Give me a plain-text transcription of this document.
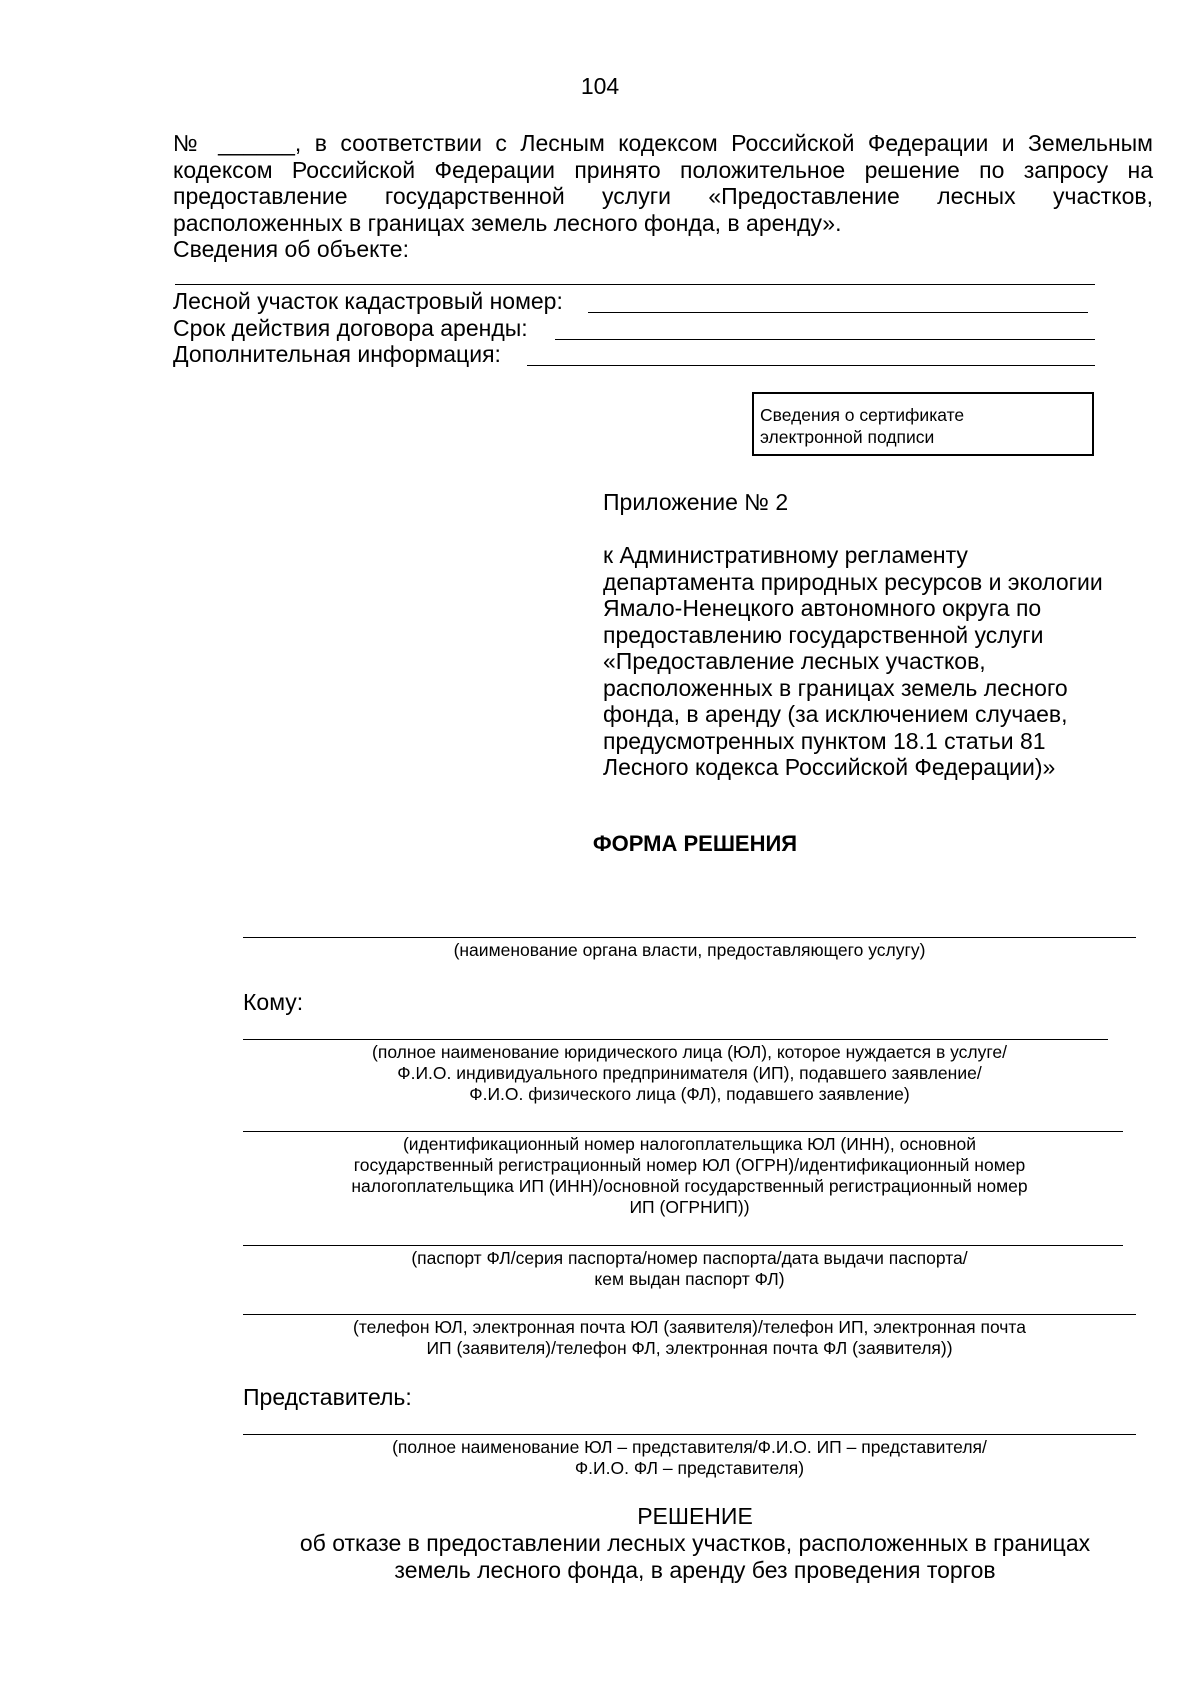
104
№ ______, в соответствии с Лесным кодексом Российской Федерации и Земельным
кодексом Российской Федерации принято положительное решение по запросу на
предоставление государственной услуги «Предоставление лесных участков,
расположенных в границах земель лесного фонда, в аренду».
Сведения об объекте:
Лесной участок кадастровый номер:
Срок действия договора аренды:
Дополнительная информация:
Сведения о сертификате
электронной подписи
Приложение № 2
к Административному регламенту
департамента природных ресурсов и экологии
Ямало-Ненецкого автономного округа по
предоставлению государственной услуги
«Предоставление лесных участков,
расположенных в границах земель лесного
фонда, в аренду (за исключением случаев,
предусмотренных пунктом 18.1 статьи 81
Лесного кодекса Российской Федерации)»
ФОРМА РЕШЕНИЯ
(наименование органа власти, предоставляющего услугу)
Кому:
(полное наименование юридического лица (ЮЛ), которое нуждается в услуге/
Ф.И.О. индивидуального предпринимателя (ИП), подавшего заявление/
Ф.И.О. физического лица (ФЛ), подавшего заявление)
(идентификационный номер налогоплательщика ЮЛ (ИНН), основной
государственный регистрационный номер ЮЛ (ОГРН)/идентификационный номер
налогоплательщика ИП (ИНН)/основной государственный регистрационный номер
ИП (ОГРНИП))
(паспорт ФЛ/серия паспорта/номер паспорта/дата выдачи паспорта/
кем выдан паспорт ФЛ)
(телефон ЮЛ, электронная почта ЮЛ (заявителя)/телефон ИП, электронная почта
ИП (заявителя)/телефон ФЛ, электронная почта ФЛ (заявителя))
Представитель:
(полное наименование ЮЛ – представителя/Ф.И.О. ИП – представителя/
Ф.И.О. ФЛ – представителя)
РЕШЕНИЕ
об отказе в предоставлении лесных участков, расположенных в границах
земель лесного фонда, в аренду без проведения торгов
